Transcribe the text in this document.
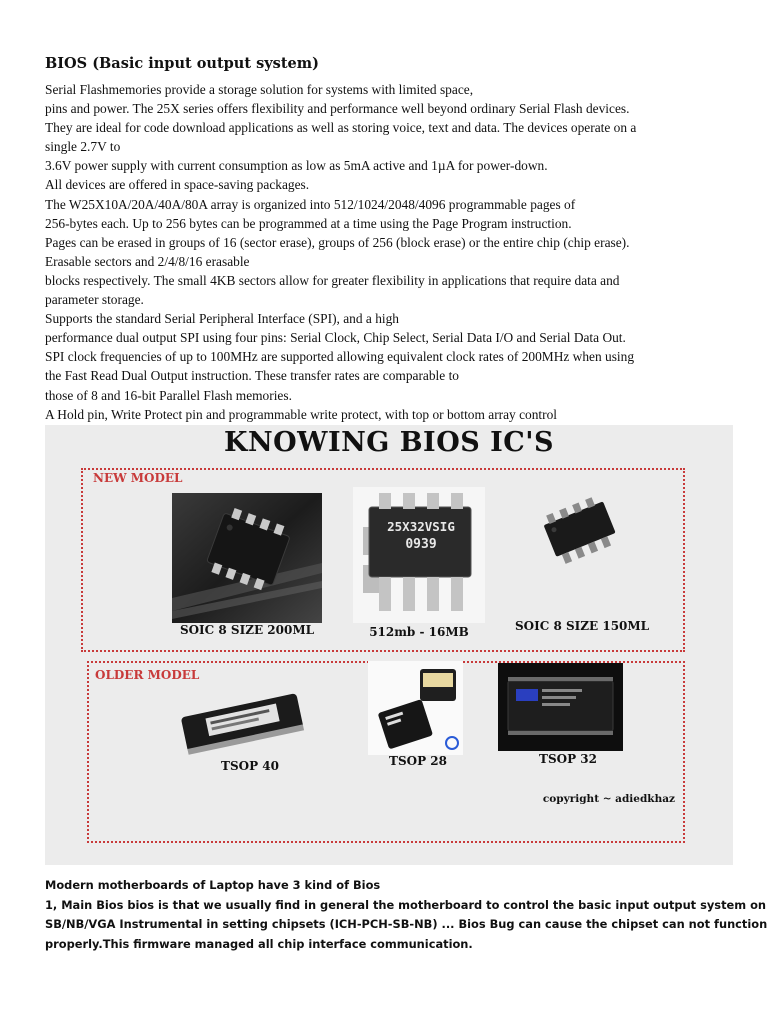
BIOS (Basic input output system)
Serial Flashmemories provide a storage solution for systems with limited space,
pins and power. The 25X series offers flexibility and performance well beyond ordinary Serial Flash devices.
They are ideal for code download applications as well as storing voice, text and data. The devices operate on a
single 2.7V to
3.6V power supply with current consumption as low as 5mA active and 1µA for power-down.
All devices are offered in space-saving packages.
The W25X10A/20A/40A/80A array is organized into 512/1024/2048/4096 programmable pages of
256-bytes each. Up to 256 bytes can be programmed at a time using the Page Program instruction.
Pages can be erased in groups of 16 (sector erase), groups of 256 (block erase) or the entire chip (chip erase).
Erasable sectors and 2/4/8/16 erasable
blocks respectively. The small 4KB sectors allow for greater flexibility in applications that require data and
parameter storage.
Supports the standard Serial Peripheral Interface (SPI), and a high
performance dual output SPI using four pins: Serial Clock, Chip Select, Serial Data I/O and Serial Data Out.
SPI clock frequencies of up to 100MHz are supported allowing equivalent clock rates of 200MHz when using
the Fast Read Dual Output instruction. These transfer rates are comparable to
those of 8 and 16-bit Parallel Flash memories.
A Hold pin, Write Protect pin and programmable write protect, with top or bottom array control
KNOWING BIOS IC'S
NEW MODEL
SOIC 8 SIZE 200ML
25X32VSIG
0939
512mb - 16MB	SOIC 8 SIZE 150ML
OLDER MODEL
TSOP 40	TSOP 28	TSOP 32
copyright ~ adiedkhaz
Modern motherboards of Laptop have 3 kind of Bios
1, Main Bios bios is that we usually find in general the motherboard to control the basic input output system on
SB/NB/VGA Instrumental in setting chipsets (ICH-PCH-SB-NB) ... Bios Bug can cause the chipset can not function
properly.This firmware managed all chip interface communication.
